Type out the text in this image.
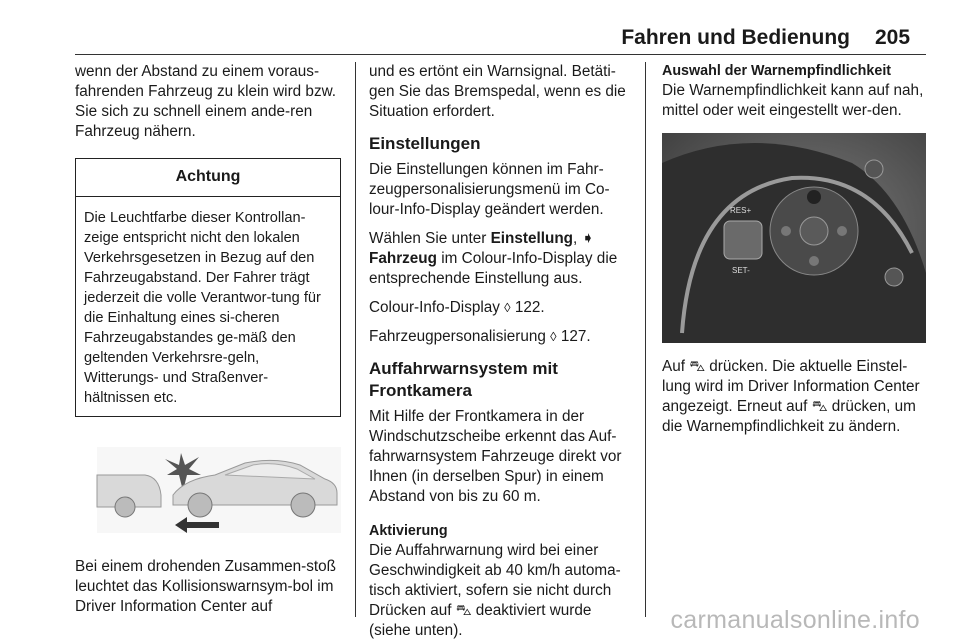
Fahren und Bedienung 205

wenn der Abstand zu einem voraus-fahrenden Fahrzeug zu klein wird bzw. Sie sich zu schnell einem ande-ren Fahrzeug nähern.

Achtung
Die Leuchtfarbe dieser Kontrollan-zeige entspricht nicht den lokalen Verkehrsgesetzen in Bezug auf den Fahrzeugabstand. Der Fahrer trägt jederzeit die volle Verantwor-tung für die Einhaltung eines si-cheren Fahrzeugabstandes ge-mäß den geltenden Verkehrsre-geln, Witterungs- und Straßenver-hältnissen etc.

Bei einem drohenden Zusammen-stoß leuchtet das Kollisionswarnsym-bol im Driver Information Center auf

und es ertönt ein Warnsignal. Betäti-gen Sie das Bremspedal, wenn es die Situation erfordert.

Einstellungen

Die Einstellungen können im Fahr-zeugpersonalisierungsmenü im Co-lour-Info-Display geändert werden.

Wählen Sie unter Einstellung, ➧
Fahrzeug im Colour-Info-Display die entsprechende Einstellung aus.

Colour-Info-Display ◊ 122.

Fahrzeugpersonalisierung ◊ 127.

Auffahrwarnsystem mit
Frontkamera

Mit Hilfe der Frontkamera in der Windschutzscheibe erkennt das Auf-fahrwarnsystem Fahrzeuge direkt vor Ihnen (in derselben Spur) in einem Abstand von bis zu 60 m.

Aktivierung

Die Auffahrwarnung wird bei einer Geschwindigkeit ab 40 km/h automa-tisch aktiviert, sofern sie nicht durch Drücken auf ⛍ deaktiviert wurde (siehe unten).

Auswahl der Warnempfindlichkeit

Die Warnempfindlichkeit kann auf nah, mittel oder weit eingestellt wer-den.

RES+
SET-

Auf ⛍ drücken. Die aktuelle Einstel-lung wird im Driver Information Center angezeigt. Erneut auf ⛍ drücken, um die Warnempfindlichkeit zu ändern.

carmanualsonline.info
